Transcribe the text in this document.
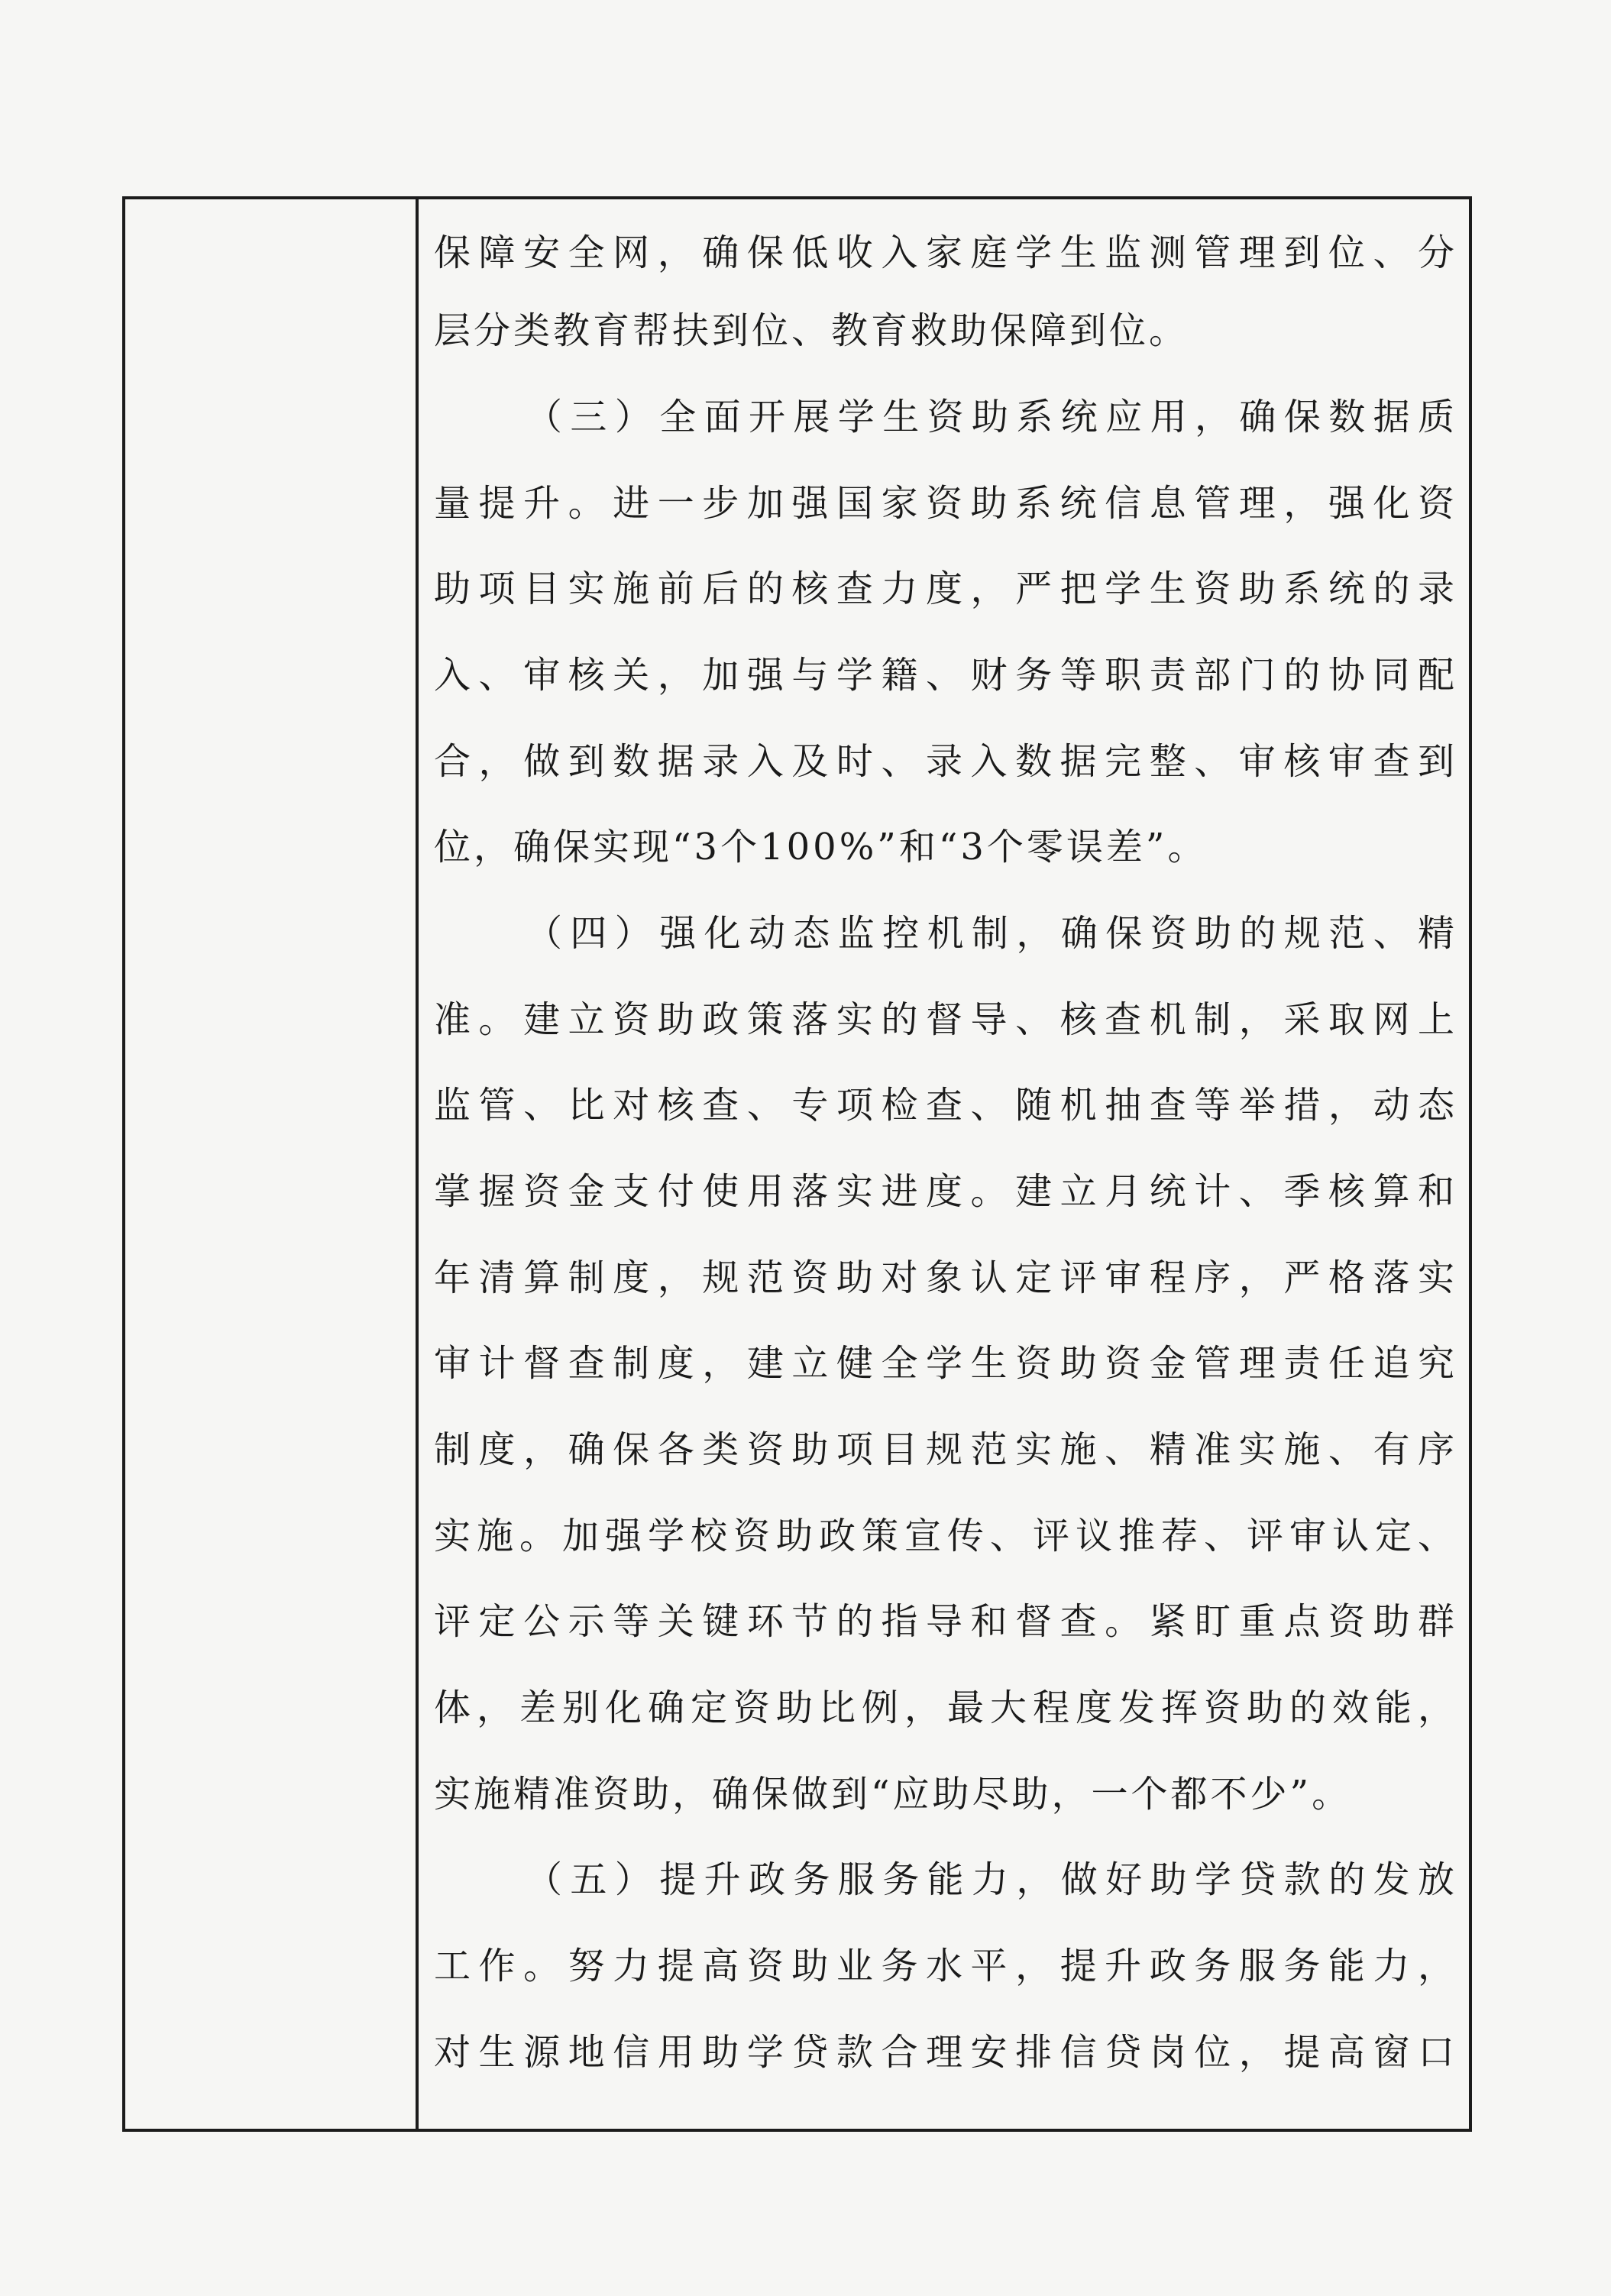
保障安全网，确保低收入家庭学生监测管理到位、分
层分类教育帮扶到位、教育救助保障到位。
（三）全面开展学生资助系统应用，确保数据质
量提升。进一步加强国家资助系统信息管理，强化资
助项目实施前后的核查力度，严把学生资助系统的录
入、审核关，加强与学籍、财务等职责部门的协同配
合，做到数据录入及时、录入数据完整、审核审查到
位，确保实现“3个100%”和“3个零误差”。
（四）强化动态监控机制，确保资助的规范、精
准。建立资助政策落实的督导、核查机制，采取网上
监管、比对核查、专项检查、随机抽查等举措，动态
掌握资金支付使用落实进度。建立月统计、季核算和
年清算制度，规范资助对象认定评审程序，严格落实
审计督查制度，建立健全学生资助资金管理责任追究
制度，确保各类资助项目规范实施、精准实施、有序
实施。加强学校资助政策宣传、评议推荐、评审认定、
评定公示等关键环节的指导和督查。紧盯重点资助群
体，差别化确定资助比例，最大程度发挥资助的效能，
实施精准资助，确保做到“应助尽助，一个都不少”。
（五）提升政务服务能力，做好助学贷款的发放
工作。努力提高资助业务水平，提升政务服务能力，
对生源地信用助学贷款合理安排信贷岗位，提高窗口
